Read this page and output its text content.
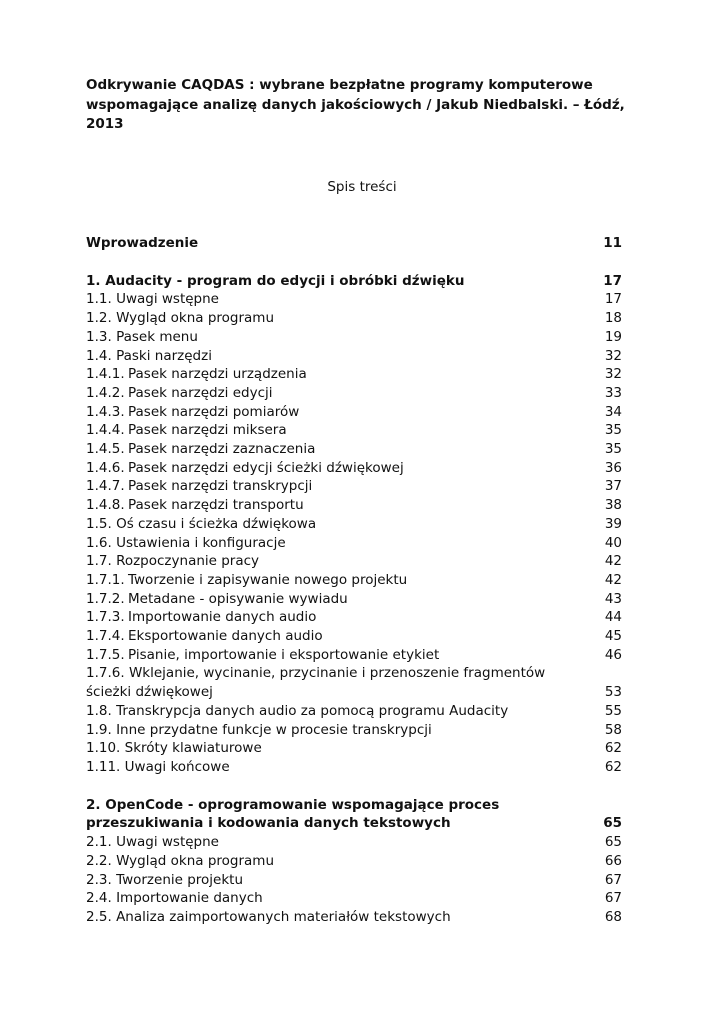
Odkrywanie CAQDAS : wybrane bezpłatne programy komputerowe
wspomagające analizę danych jakościowych / Jakub Niedbalski. – Łódź,
2013
Spis treści
Wprowadzenie	11
1. Audacity - program do edycji i obróbki dźwięku	17
1.1. Uwagi wstępne	17
1.2. Wygląd okna programu	18
1.3. Pasek menu	19
1.4. Paski narzędzi	32
1.4.1. Pasek narzędzi urządzenia	32
1.4.2. Pasek narzędzi edycji	33
1.4.3. Pasek narzędzi pomiarów	34
1.4.4. Pasek narzędzi miksera	35
1.4.5. Pasek narzędzi zaznaczenia	35
1.4.6. Pasek narzędzi edycji ścieżki dźwiękowej	36
1.4.7. Pasek narzędzi transkrypcji	37
1.4.8. Pasek narzędzi transportu	38
1.5. Oś czasu i ścieżka dźwiękowa	39
1.6. Ustawienia i konfiguracje	40
1.7. Rozpoczynanie pracy	42
1.7.1. Tworzenie i zapisywanie nowego projektu	42
1.7.2. Metadane - opisywanie wywiadu	43
1.7.3. Importowanie danych audio	44
1.7.4. Eksportowanie danych audio	45
1.7.5. Pisanie, importowanie i eksportowanie etykiet	46
1.7.6. Wklejanie, wycinanie, przycinanie i przenoszenie fragmentów
ścieżki dźwiękowej	53
1.8. Transkrypcja danych audio za pomocą programu Audacity	55
1.9. Inne przydatne funkcje w procesie transkrypcji	58
1.10. Skróty klawiaturowe	62
1.11. Uwagi końcowe	62
2. OpenCode - oprogramowanie wspomagające proces
przeszukiwania i kodowania danych tekstowych	65
2.1. Uwagi wstępne	65
2.2. Wygląd okna programu	66
2.3. Tworzenie projektu	67
2.4. Importowanie danych	67
2.5. Analiza zaimportowanych materiałów tekstowych	68
